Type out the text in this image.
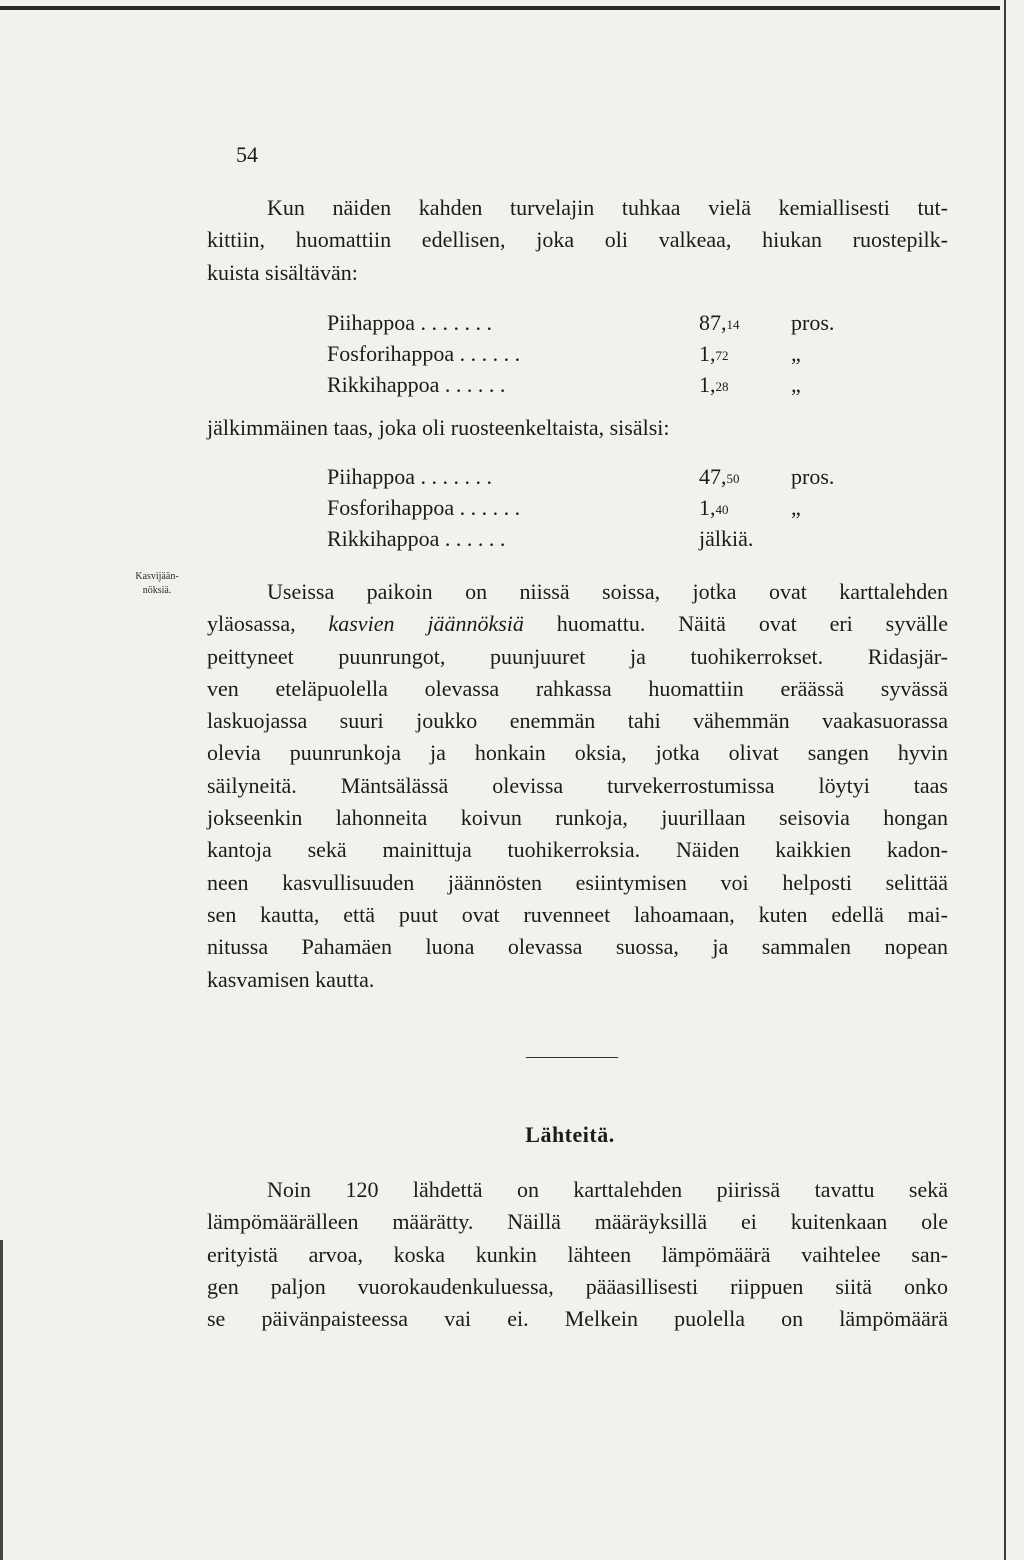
54
Kun näiden kahden turvelajin tuhkaa vielä kemiallisesti tut-
kittiin, huomattiin edellisen, joka oli valkeaa, hiukan ruostepilk-
kuista sisältävän:
Piihappoa . . . . . . .	$87,_{14}$ pros.
Fosforihappoa . . . . . .	$1,_{72}$	„
Rikkihappoa . . . . . .	$1,_{28}$	„
jälkimmäinen taas, joka oli ruosteenkeltaista, sisälsi:
Piihappoa . . . . . . .	$47,_{50}$ pros.
Fosforihappoa . . . . . .	$1,_{40}$	„
Rikkihappoa . . . . . .	jälkiä.
Kasvijään-
nöksiä.	Useissa paikoin on niissä soissa, jotka ovat karttalehden
yläosassa, kasvien jäännöksiä huomattu. Näitä ovat eri syvälle
peittyneet puunrungot, puunjuuret ja tuohikerrokset. Ridasjär-
ven eteläpuolella olevassa rahkassa huomattiin eräässä syvässä
laskuojassa suuri joukko enemmän tahi vähemmän vaakasuorassa
olevia puunrunkoja ja honkain oksia, jotka olivat sangen hyvin
säilyneitä. Mäntsälässä olevissa turvekerrostumissa löytyi taas
jokseenkin lahonneita koivun runkoja, juurillaan seisovia hongan
kantoja sekä mainittuja tuohikerroksia. Näiden kaikkien kadon-
neen kasvullisuuden jäännösten esiintymisen voi helposti selittää
sen kautta, että puut ovat ruvenneet lahoamaan, kuten edellä mai-
nitussa Pahamäen luona olevassa suossa, ja sammalen nopean
kasvamisen kautta.
Lähteitä.
Noin 120 lähdettä on karttalehden piirissä tavattu sekä
lämpömäärälleen määrätty. Näillä määräyksillä ei kuitenkaan ole
erityistä arvoa, koska kunkin lähteen lämpömäärä vaihtelee san-
gen paljon vuorokaudenkuluessa, pääasillisesti riippuen siitä onko
se päivänpaisteessa vai ei. Melkein puolella on lämpömäärä
